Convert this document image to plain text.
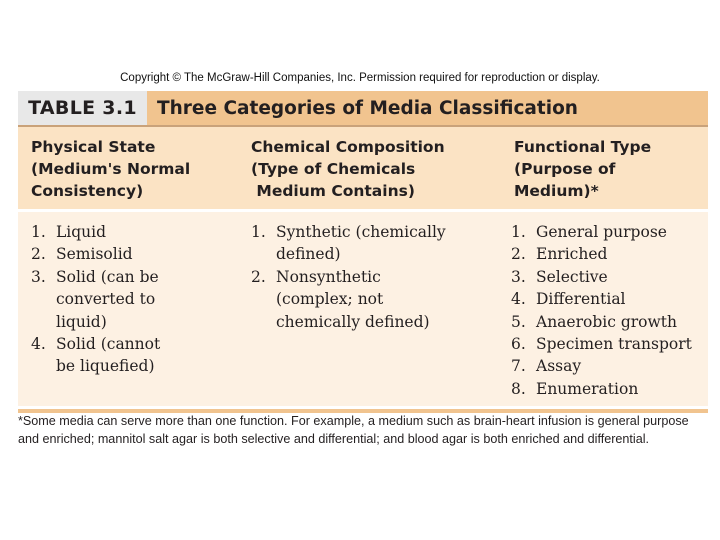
Copyright © The McGraw-Hill Companies, Inc. Permission required for reproduction or display.
TABLE 3.1	Three Categories of Media Classification
Physical State
(Medium's Normal
Consistency)
Chemical Composition
(Type of Chemicals
Medium Contains)
Functional Type
(Purpose of
Medium)*
1. Liquid
2. Semisolid
3. Solid (can be
converted to
liquid)
4. Solid (cannot
be liquefied)
1. Synthetic (chemically
defined)
2. Nonsynthetic
(complex; not
chemically defined)
1. General purpose
2. Enriched
3. Selective
4. Differential
5. Anaerobic growth
6. Specimen transport
7. Assay
8. Enumeration
*Some media can serve more than one function. For example, a medium such as brain-heart infusion is general purpose and enriched; mannitol salt agar is both selective and differential; and blood agar is both enriched and differential.
